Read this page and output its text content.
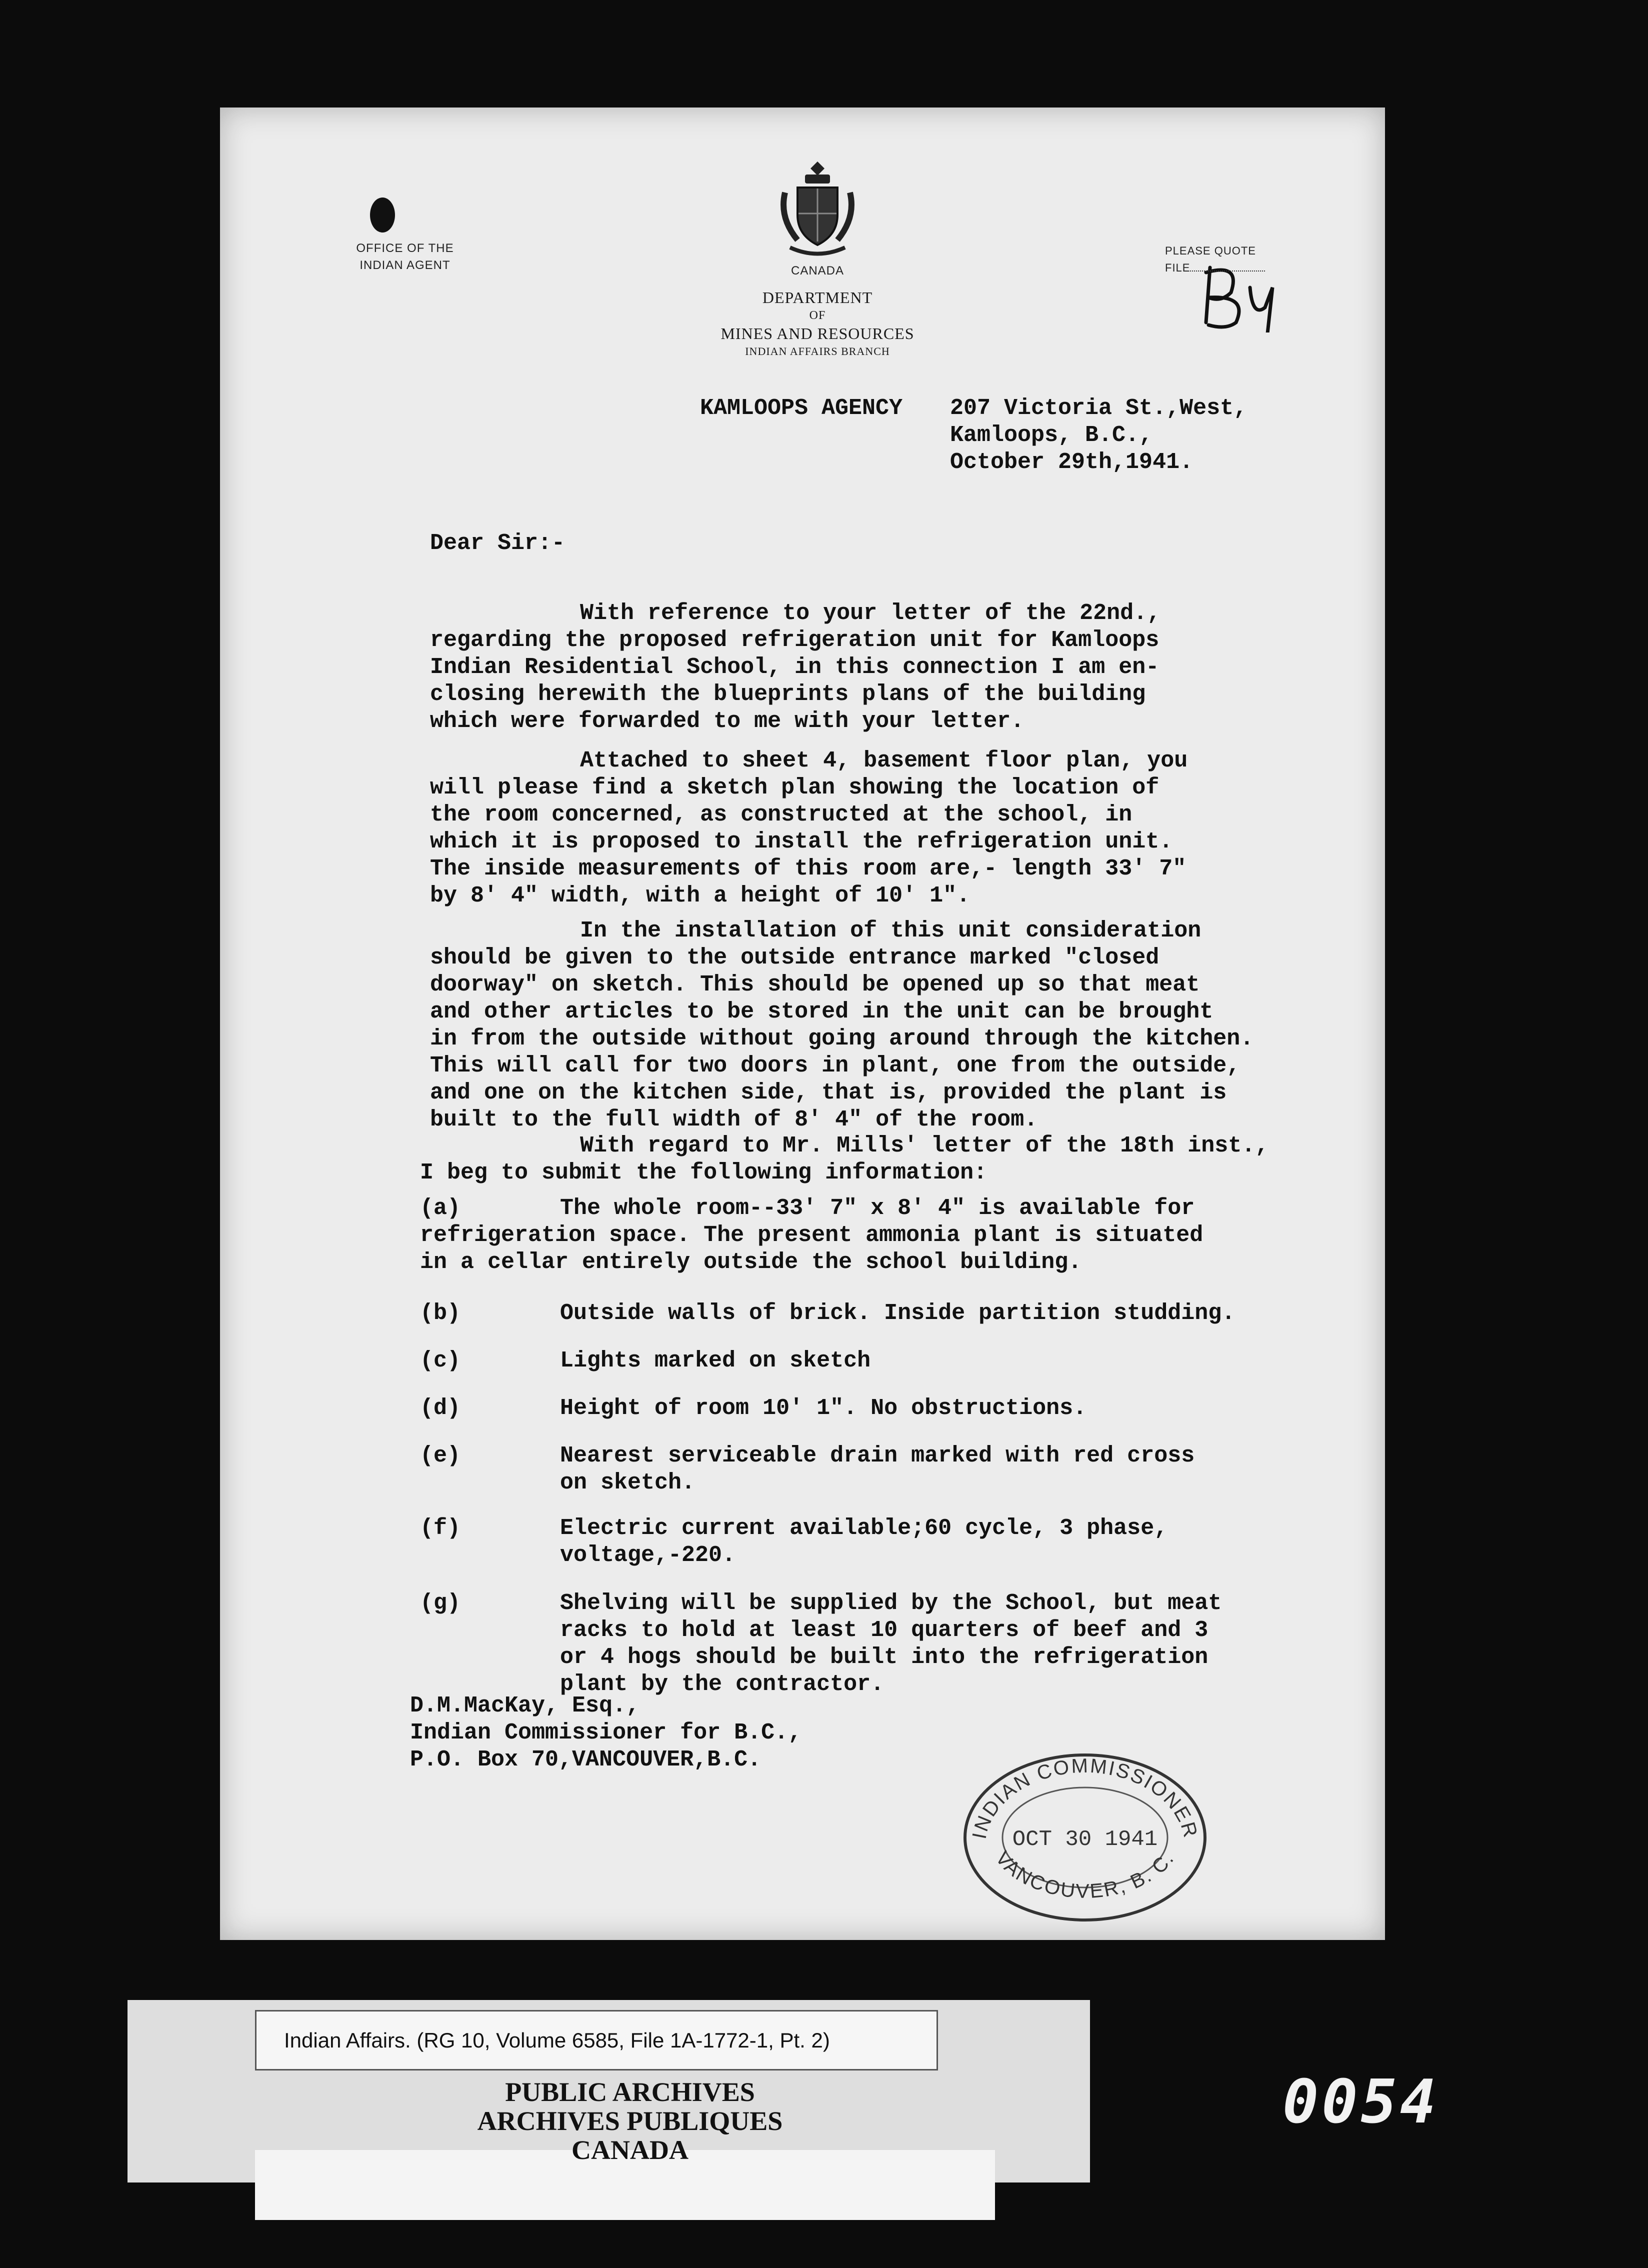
OFFICE OF THE
INDIAN AGENT	CANADA
DEPARTMENT
OF
MINES AND RESOURCES
INDIAN AFFAIRS BRANCH
PLEASE QUOTE
FILE
KAMLOOPS AGENCY 207 Victoria St.,West,
Kamloops, B.C.,
October 29th,1941.
Dear Sir:-
With reference to your letter of the 22nd.,
regarding the proposed refrigeration unit for Kamloops
Indian Residential School, in this connection I am en-
closing herewith the blueprints plans of the building
which were forwarded to me with your letter.
Attached to sheet 4, basement floor plan, you
will please find a sketch plan showing the location of
the room concerned, as constructed at the school, in
which it is proposed to install the refrigeration unit.
The inside measurements of this room are,- length 33' 7"
by 8' 4" width, with a height of 10' 1".
In the installation of this unit consideration
should be given to the outside entrance marked "closed
doorway" on sketch. This should be opened up so that meat
and other articles to be stored in the unit can be brought
in from the outside without going around through the kitchen.
This will call for two doors in plant, one from the outside,
and one on the kitchen side, that is, provided the plant is
built to the full width of 8' 4" of the room.
With regard to Mr. Mills' letter of the 18th inst.,
I beg to submit the following information:
(a)	The whole room--33' 7" x 8' 4" is available for
refrigeration space. The present ammonia plant is situated
in a cellar entirely outside the school building.
(b)	Outside walls of brick. Inside partition studding.
(c)	Lights marked on sketch
(d)	Height of room 10' 1". No obstructions.
(e)	Nearest serviceable drain marked with red cross
on sketch.
(f)	Electric current available;60 cycle, 3 phase,
voltage,-220.
(g)	Shelving will be supplied by the School, but meat
racks to hold at least 10 quarters of beef and 3
or 4 hogs should be built into the refrigeration
plant by the contractor.
D.M.MacKay, Esq.,
Indian Commissioner for B.C.,
P.O. Box 70,VANCOUVER,B.C.
INDIAN COMMISSIONER
OCT 30 1941
VANCOUVER, B. C.
Indian Affairs. (RG 10, Volume 6585, File 1A-1772-1, Pt. 2)
PUBLIC ARCHIVES
ARCHIVES PUBLIQUES
CANADA
0054
